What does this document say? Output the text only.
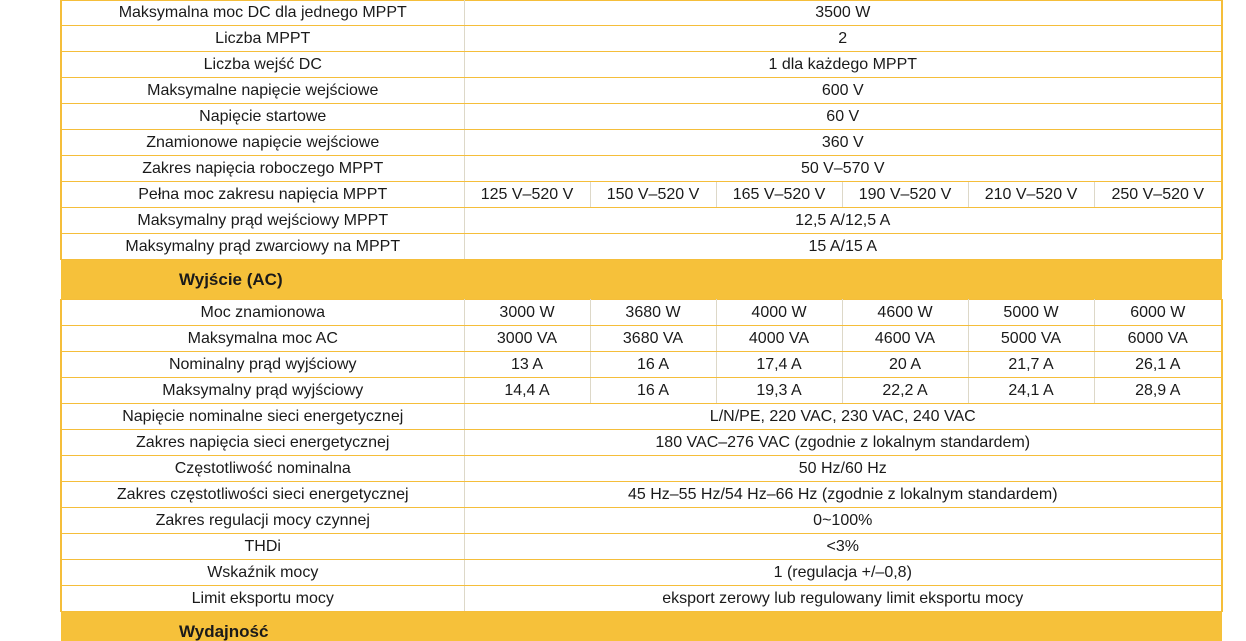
Maksymalna moc DC dla jednego MPPT	3500 W					
Liczba MPPT	2					
Liczba wejść DC	1 dla każdego MPPT					
Maksymalne napięcie wejściowe	600 V					
Napięcie startowe	60 V					
Znamionowe napięcie wejściowe	360 V					
Zakres napięcia roboczego MPPT	50 V–570 V					
Pełna moc zakresu napięcia MPPT	125 V–520 V	150 V–520 V	165 V–520 V	190 V–520 V	210 V–520 V	250 V–520 V
Maksymalny prąd wejściowy MPPT	12,5 A/12,5 A					
Maksymalny prąd zwarciowy na MPPT	15 A/15 A					
Wyjście (AC)						
Moc znamionowa	3000 W	3680 W	4000 W	4600 W	5000 W	6000 W
Maksymalna moc AC	3000 VA	3680 VA	4000 VA	4600 VA	5000 VA	6000 VA
Nominalny prąd wyjściowy	13 A	16 A	17,4 A	20 A	21,7 A	26,1 A
Maksymalny prąd wyjściowy	14,4 A	16 A	19,3 A	22,2 A	24,1 A	28,9 A
Napięcie nominalne sieci energetycznej	L/N/PE, 220 VAC, 230 VAC, 240 VAC					
Zakres napięcia sieci energetycznej	180 VAC–276 VAC (zgodnie z lokalnym standardem)					
Częstotliwość nominalna	50 Hz/60 Hz					
Zakres częstotliwości sieci energetycznej	45 Hz–55 Hz/54 Hz–66 Hz (zgodnie z lokalnym standardem)					
Zakres regulacji mocy czynnej	0~100%					
THDi	<3%					
Wskaźnik mocy	1 (regulacja +/–0,8)					
Limit eksportu mocy	eksport zerowy lub regulowany limit eksportu mocy					
Wydajność						
